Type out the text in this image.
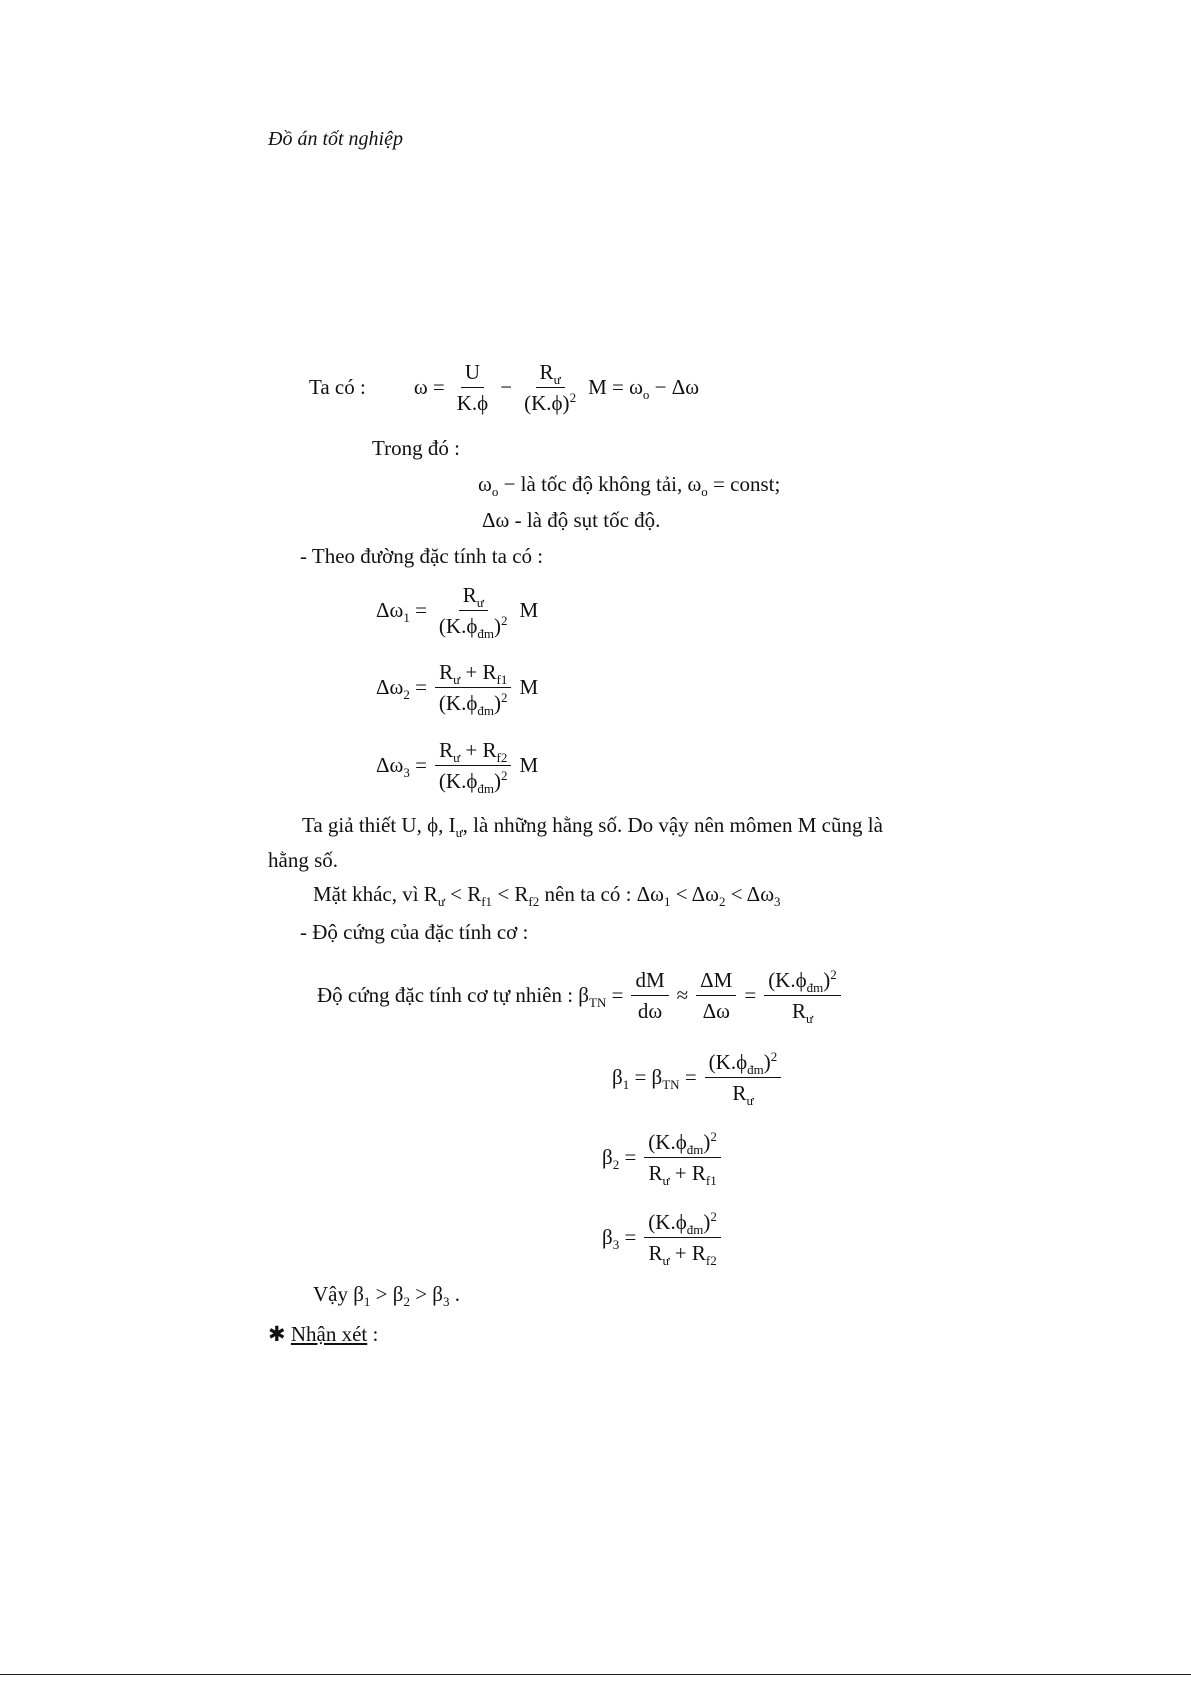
Đồ án tốt nghiệp
Ta có : $\omega = \frac{U}{K.\phi} - \frac{R_ư}{(K.\phi)^2}$ $M = \omega_o - \Delta\omega$
Trong đó :
$\omega_o$ − là tốc độ không tải, $\omega_o$ = const;
Δω - là độ sụt tốc độ.
- Theo đường đặc tính ta có :
$\Delta\omega_1 = \frac{R_ư}{(K.\phi_{đm})^2}$ M
$\Delta\omega_2 = \frac{R_ư + R_{f1}}{(K.\phi_{đm})^2}$ M
$\Delta\omega_3 = \frac{R_ư + R_{f2}}{(K.\phi_{đm})^2}$ M
Ta giả thiết U, ϕ, $I_ư$, là những hằng số. Do vậy nên mômen M cũng là
hằng số.
Mặt khác, vì $R_ư < R_{f1} < R_{f2}$ nên ta có : $\Delta\omega_1 < \Delta\omega_2 < \Delta\omega_3$
- Độ cứng của đặc tính cơ :
Độ cứng đặc tính cơ tự nhiên : $\beta_{TN} = \frac{dM}{d\omega} \approx \frac{\Delta M}{\Delta\omega} = \frac{(K.\phi_{đm})^2}{R_ư}$
$\beta_1 = \beta_{TN} = \frac{(K.\phi_{đm})^2}{R_ư}$
$\beta_2 = \frac{(K.\phi_{đm})^2}{R_ư + R_{f1}}$
$\beta_3 = \frac{(K.\phi_{đm})^2}{R_ư + R_{f2}}$
Vậy $\beta_1 > \beta_2 > \beta_3$ .
✱ Nhận xét :
